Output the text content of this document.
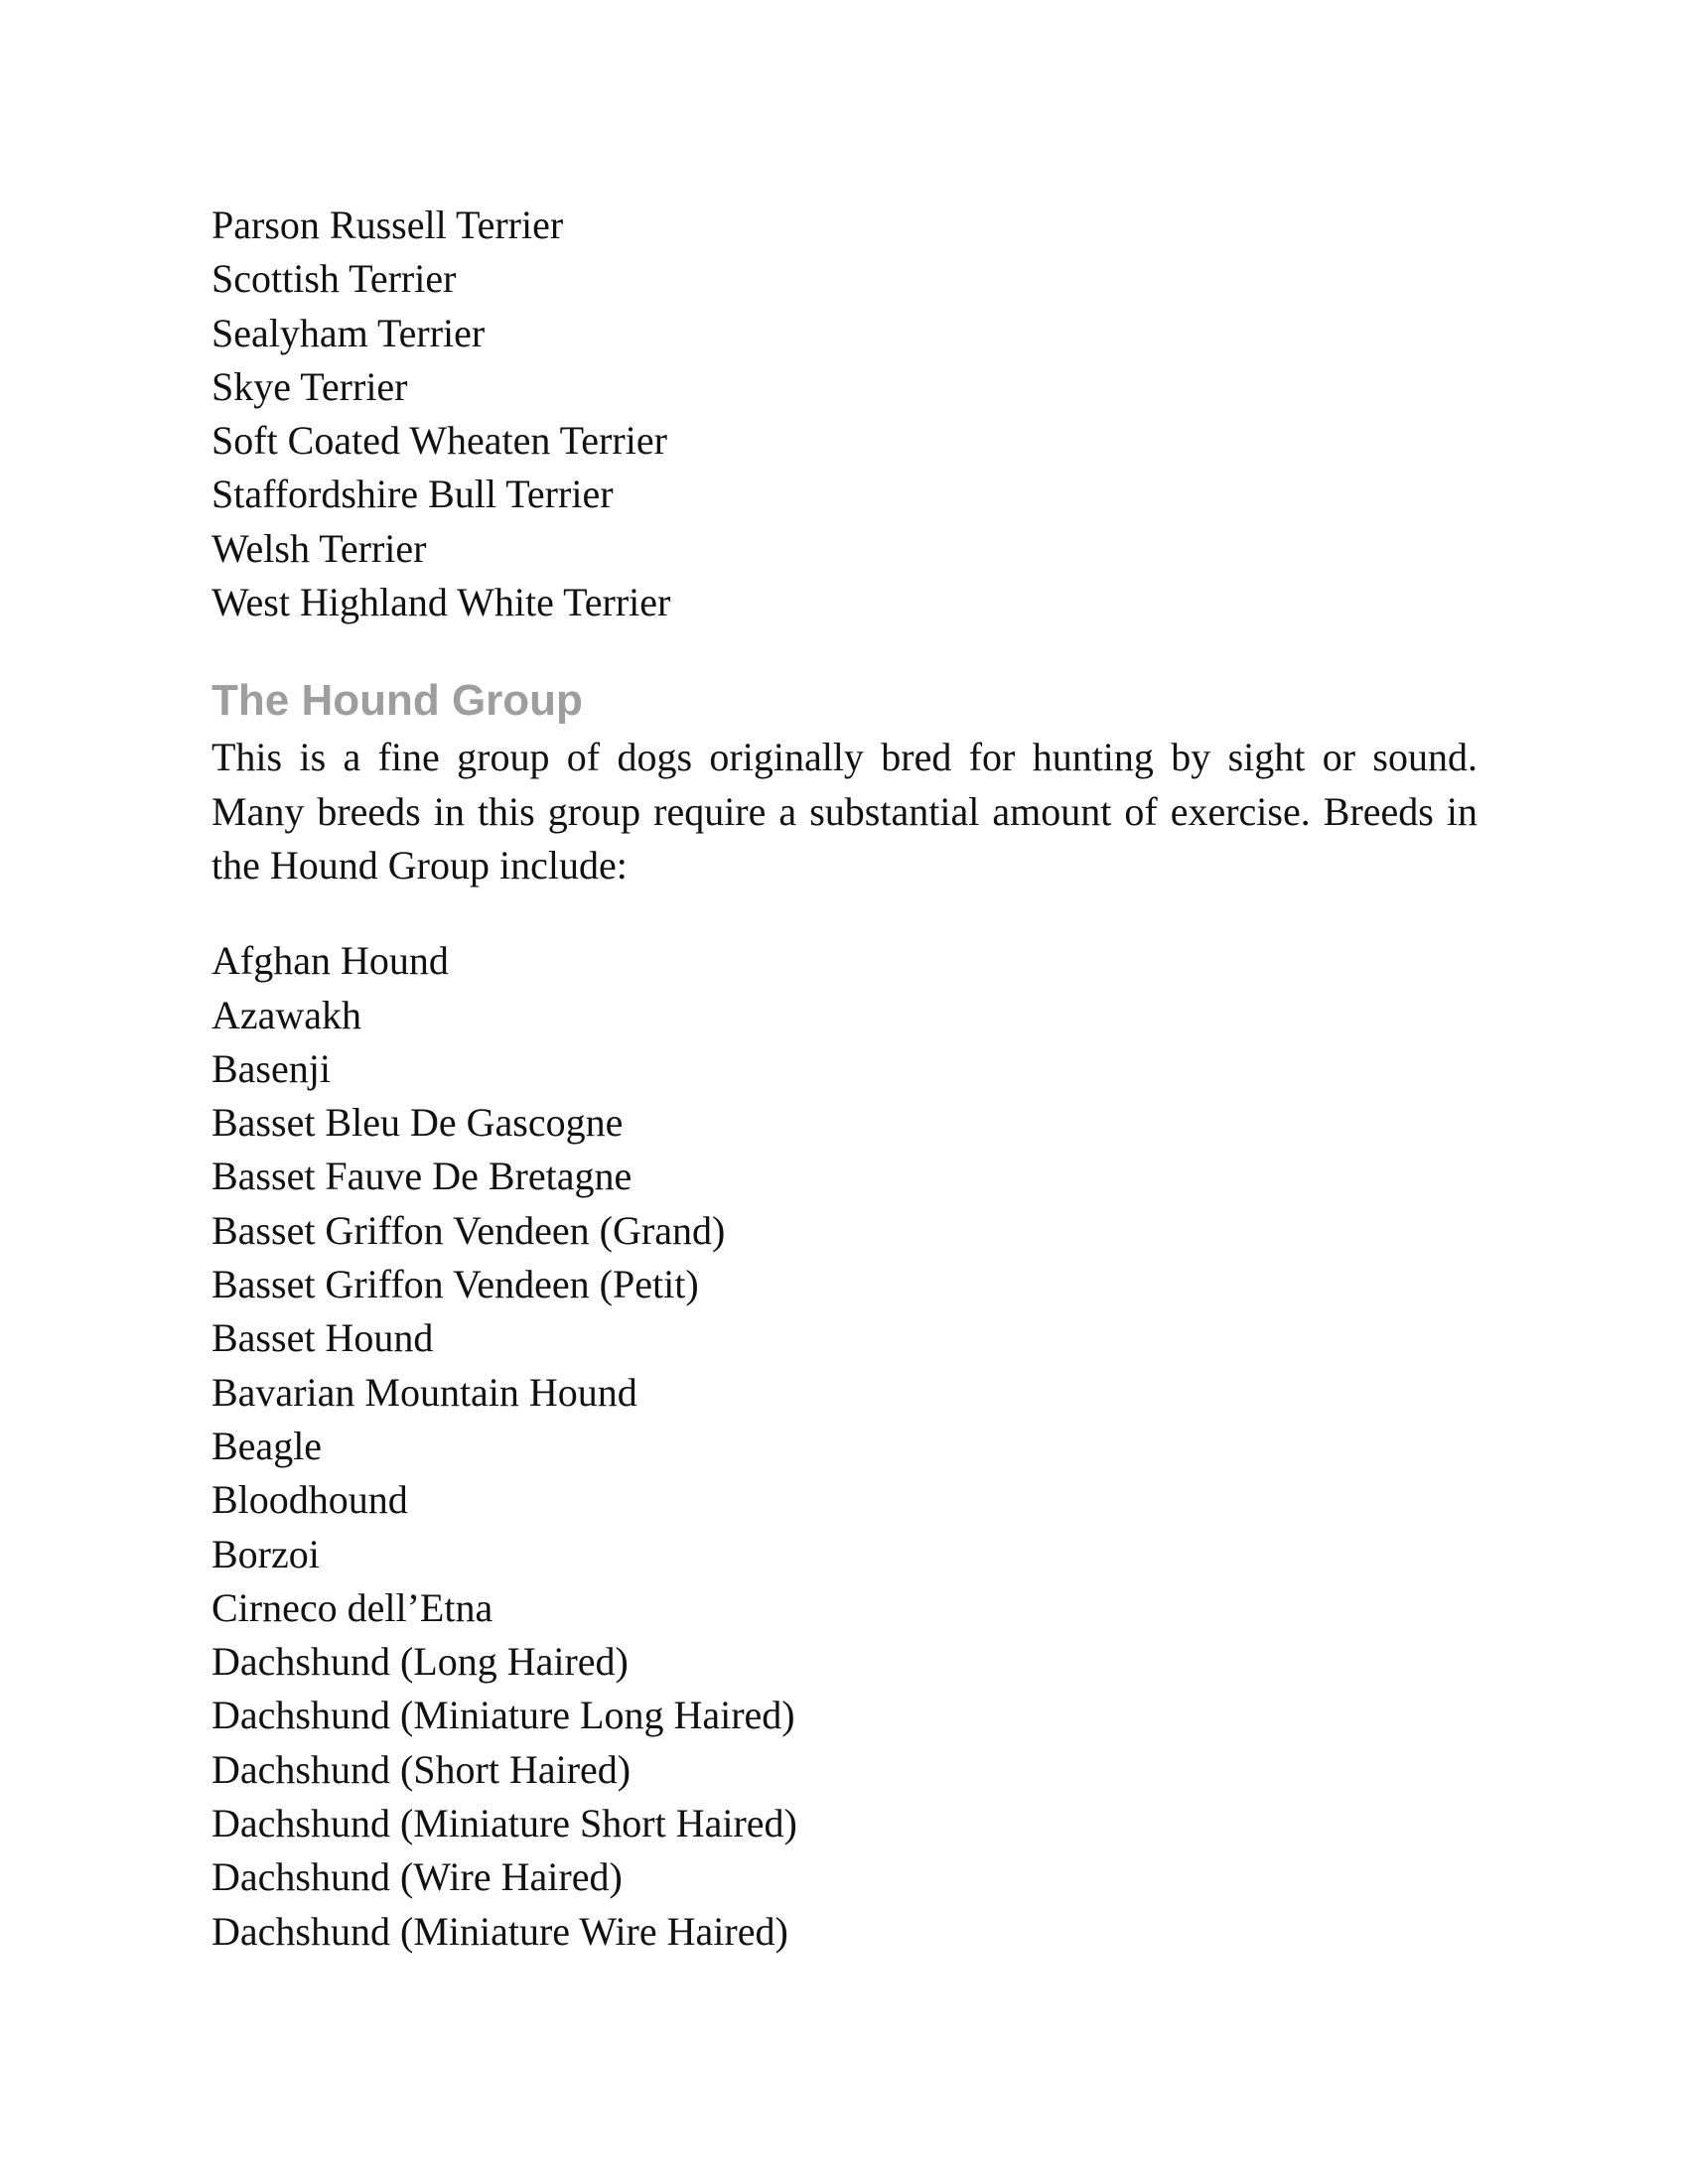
Parson Russell Terrier
Scottish Terrier
Sealyham Terrier
Skye Terrier
Soft Coated Wheaten Terrier
Staffordshire Bull Terrier
Welsh Terrier
West Highland White Terrier
The Hound Group

This is a fine group of dogs originally bred for hunting by sight or sound. Many breeds in this group require a substantial amount of exercise. Breeds in the Hound Group include:

Afghan Hound
Azawakh
Basenji
Basset Bleu De Gascogne
Basset Fauve De Bretagne
Basset Griffon Vendeen (Grand)
Basset Griffon Vendeen (Petit)
Basset Hound
Bavarian Mountain Hound
Beagle
Bloodhound
Borzoi
Cirneco dell’Etna
Dachshund (Long Haired)
Dachshund (Miniature Long Haired)
Dachshund (Short Haired)
Dachshund (Miniature Short Haired)
Dachshund (Wire Haired)
Dachshund (Miniature Wire Haired)
